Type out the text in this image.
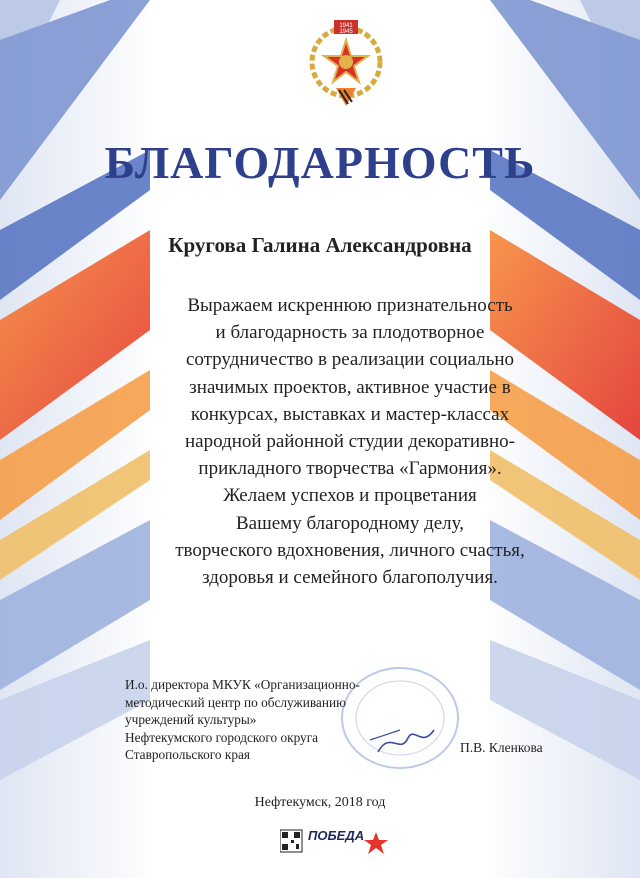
1941
1945
БЛАГОДАРНОСТЬ
Кругова Галина Александровна
Выражаем искреннюю признательность
и благодарность за плодотворное
сотрудничество в реализации социально
значимых проектов, активное участие в
конкурсах, выставках и мастер-классах
народной районной студии декоративно-
прикладного творчества «Гармония».
Желаем успехов и процветания
Вашему благородному делу,
творческого вдохновения, личного счастья,
здоровья и семейного благополучия.
И.о. директора МКУК «Организационно-
методический центр по обслуживанию
учреждений культуры»
Нефтекумского городского округа
Ставропольского края	П.В. Кленкова
Нефтекумск, 2018 год
ПОБЕДА
